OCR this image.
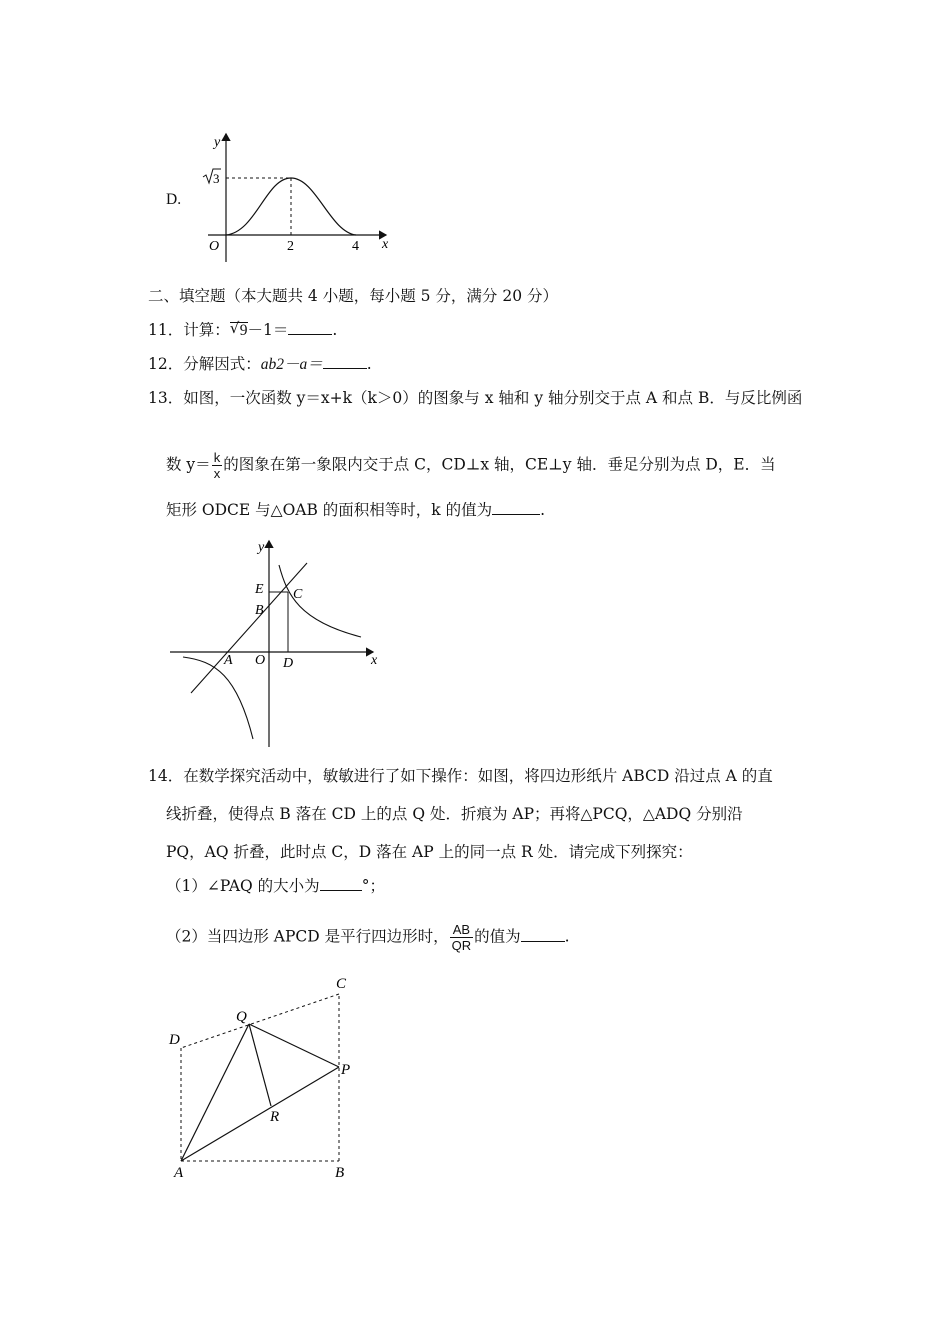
D.
y
x
O	2	4
3
二、填空题（本大题共 4 小题，每小题 5 分，满分 20 分）
11．计算： √ 9－1＝	.
12．分解因式：ab2－a＝	.
13．如图，一次函数 y＝x+k（k＞0）的图象与 x 轴和 y 轴分别交于点 A 和点 B．与反比例函
数 $y= \frac{k}{x}$ 的图象在第一象限内交于点 C，CD⊥x 轴，CE⊥y 轴．垂足分别为点 D，E．当
矩形 ODCE 与△OAB 的面积相等时，k 的值为	.
y
x
E
B
C
A O D
14．在数学探究活动中，敏敏进行了如下操作：如图，将四边形纸片 ABCD 沿过点 A 的直
线折叠，使得点 B 落在 CD 上的点 Q 处．折痕为 AP；再将△PCQ，△ADQ 分别沿
PQ，AQ 折叠，此时点 C，D 落在 AP 上的同一点 R 处．请完成下列探究：
（1）∠PAQ 的大小为	°；
（2）当四边形 APCD 是平行四边形时， $\frac{AB}{QR}$ 的值为	.
C
D
Q
P
R
A	B
